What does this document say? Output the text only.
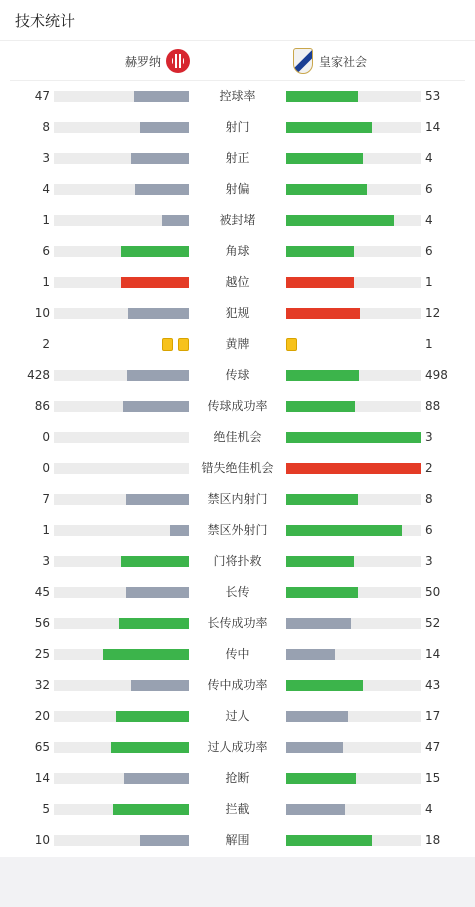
技术统计
赫罗纳	皇家社会
47	控球率	53
8	射门	14
3	射正	4
4	射偏	6
1	被封堵	4
6	角球	6
1	越位	1
10	犯规	12
2	黄牌	1
428	传球	498
86	传球成功率	88
0	绝佳机会	3
0	错失绝佳机会	2
7	禁区内射门	8
1	禁区外射门	6
3	门将扑救	3
45	长传	50
56	长传成功率	52
25	传中	14
32	传中成功率	43
20	过人	17
65	过人成功率	47
14	抢断	15
5	拦截	4
10	解围	18
